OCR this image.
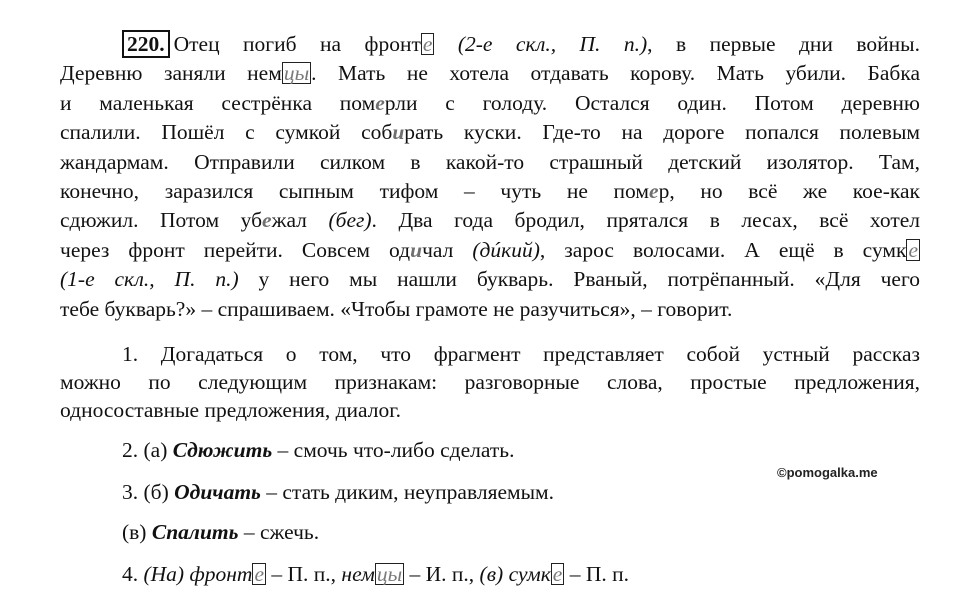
220. Отец погиб на фронте (2-е скл., П. п.), в первые дни войны.
Деревню заняли немцы. Мать не хотела отдавать корову. Мать убили. Бабка
и маленькая сестрёнка померли с голоду. Остался один. Потом деревню
спалили. Пошёл с сумкой собирать куски. Где-то на дороге попался полевым
жандармам. Отправили силком в какой-то страшный детский изолятор. Там,
конечно, заразился сыпным тифом – чуть не помер, но всё же кое-как
сдюжил. Потом убежал (бег). Два года бродил, прятался в лесах, всё хотел
через фронт перейти. Совсем одичал (дúкий), зарос волосами. А ещё в сумке
(1-е скл., П. п.) у него мы нашли букварь. Рваный, потрёпанный. «Для чего
тебе букварь?» – спрашиваем. «Чтобы грамоте не разучиться», – говорит.
1. Догадаться о том, что фрагмент представляет собой устный рассказ
можно по следующим признакам: разговорные слова, простые предложения,
односоставные предложения, диалог.
2. (а) Сдюжить – смочь что-либо сделать.
3. (б) Одичать – стать диким, неуправляемым.
(в) Спалить – сжечь.
4. (На) фронте – П. п., немцы – И. п., (в) сумке – П. п.
©pomogalka.me
